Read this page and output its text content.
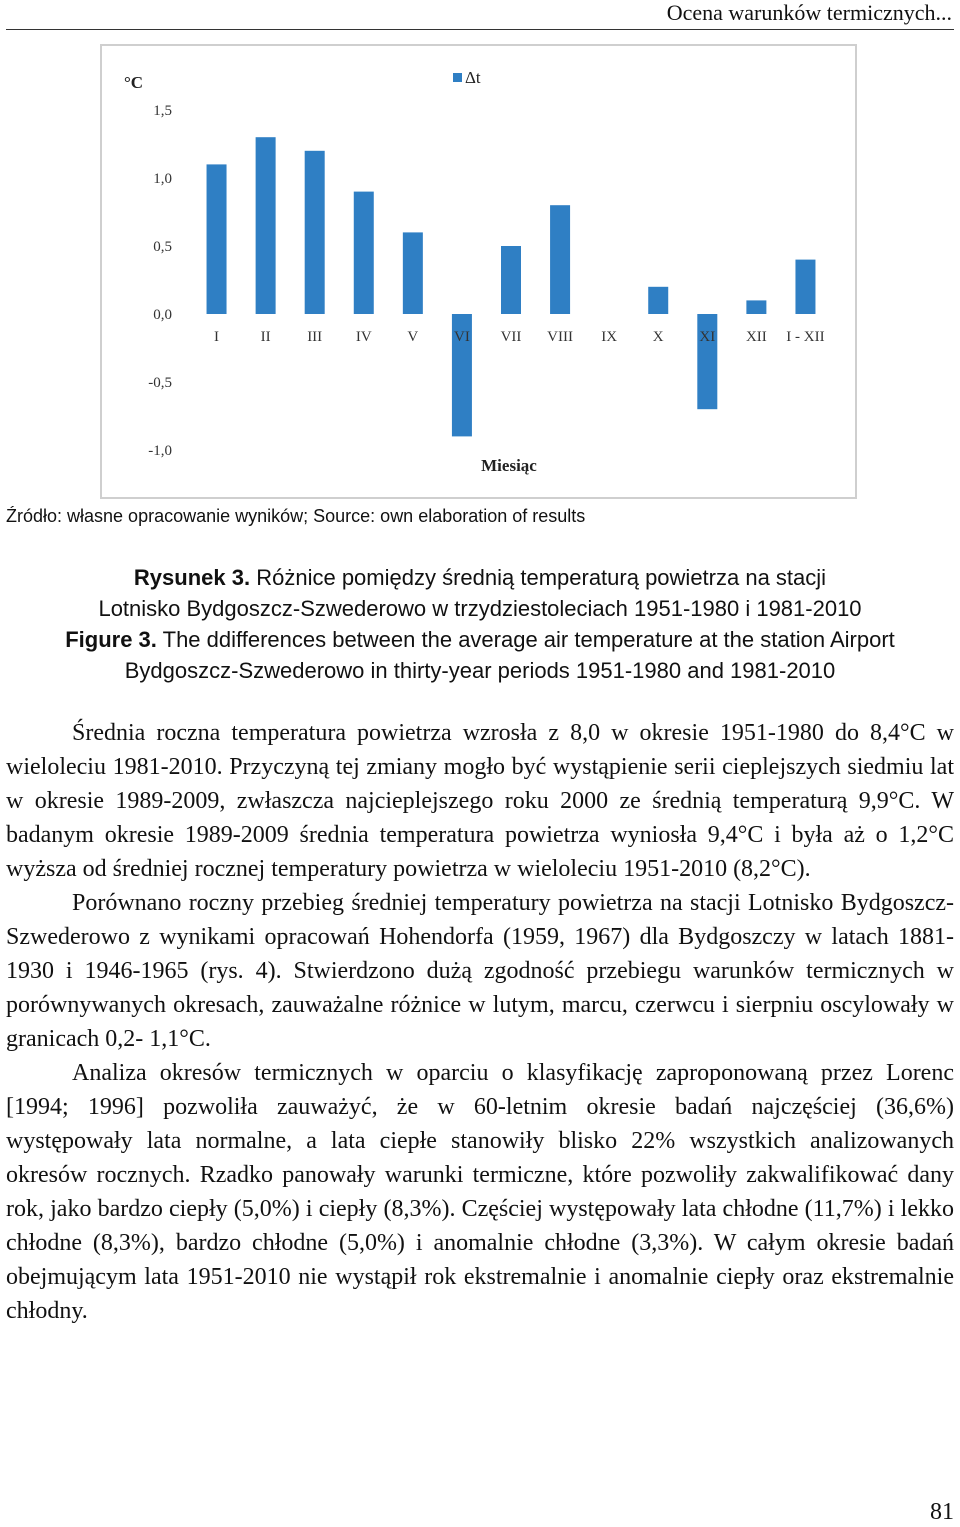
Ocena warunków termicznych...
-1,0
-0,5
0,0
0,5
1,0
1,5
°C	Δt
I	II III IV V VI VII VIII IX X XI XII I - XII
Miesiąc
Źródło: własne opracowanie wyników; Source: own elaboration of results
Rysunek 3. Różnice pomiędzy średnią temperaturą powietrza na stacji
Lotnisko Bydgoszcz-Szwederowo w trzydziestoleciach 1951-1980 i 1981-2010
Figure 3. The ddifferences between the average air temperature at the station Airport
Bydgoszcz-Szwederowo in thirty-year periods 1951-1980 and 1981-2010

Średnia roczna temperatura powietrza wzrosła z 8,0 w okresie 1951-1980 do 8,4°C w wieloleciu 1981-2010. Przyczyną tej zmiany mogło być wystąpienie serii cieplejszych siedmiu lat w okresie 1989-2009, zwłaszcza najcieplejszego roku 2000 ze średnią temperaturą 9,9°C. W badanym okresie 1989-2009 średnia temperatura powietrza wyniosła 9,4°C i była aż o 1,2°C wyższa od średniej rocznej temperatury powietrza w wieloleciu 1951-2010 (8,2°C).

Porównano roczny przebieg średniej temperatury powietrza na stacji Lotnisko Bydgoszcz-Szwederowo z wynikami opracowań Hohendorfa (1959, 1967) dla Bydgoszczy w latach 1881-1930 i 1946-1965 (rys. 4). Stwierdzono dużą zgodność przebiegu warunków termicznych w porównywanych okresach, zauważalne różnice w lutym, marcu, czerwcu i sierpniu oscylowały w granicach 0,2- 1,1°C.

Analiza okresów termicznych w oparciu o klasyfikację zaproponowaną przez Lorenc [1994; 1996] pozwoliła zauważyć, że w 60-letnim okresie badań najczęściej (36,6%) występowały lata normalne, a lata ciepłe stanowiły blisko 22% wszystkich analizowanych okresów rocznych. Rzadko panowały warunki termiczne, które pozwoliły zakwalifikować dany rok, jako bardzo ciepły (5,0%) i ciepły (8,3%). Częściej występowały lata chłodne (11,7%) i lekko chłodne (8,3%), bardzo chłodne (5,0%) i anomalnie chłodne (3,3%). W całym okresie badań obejmującym lata 1951-2010 nie wystąpił rok ekstremalnie i anomalnie ciepły oraz ekstremalnie chłodny.

81
